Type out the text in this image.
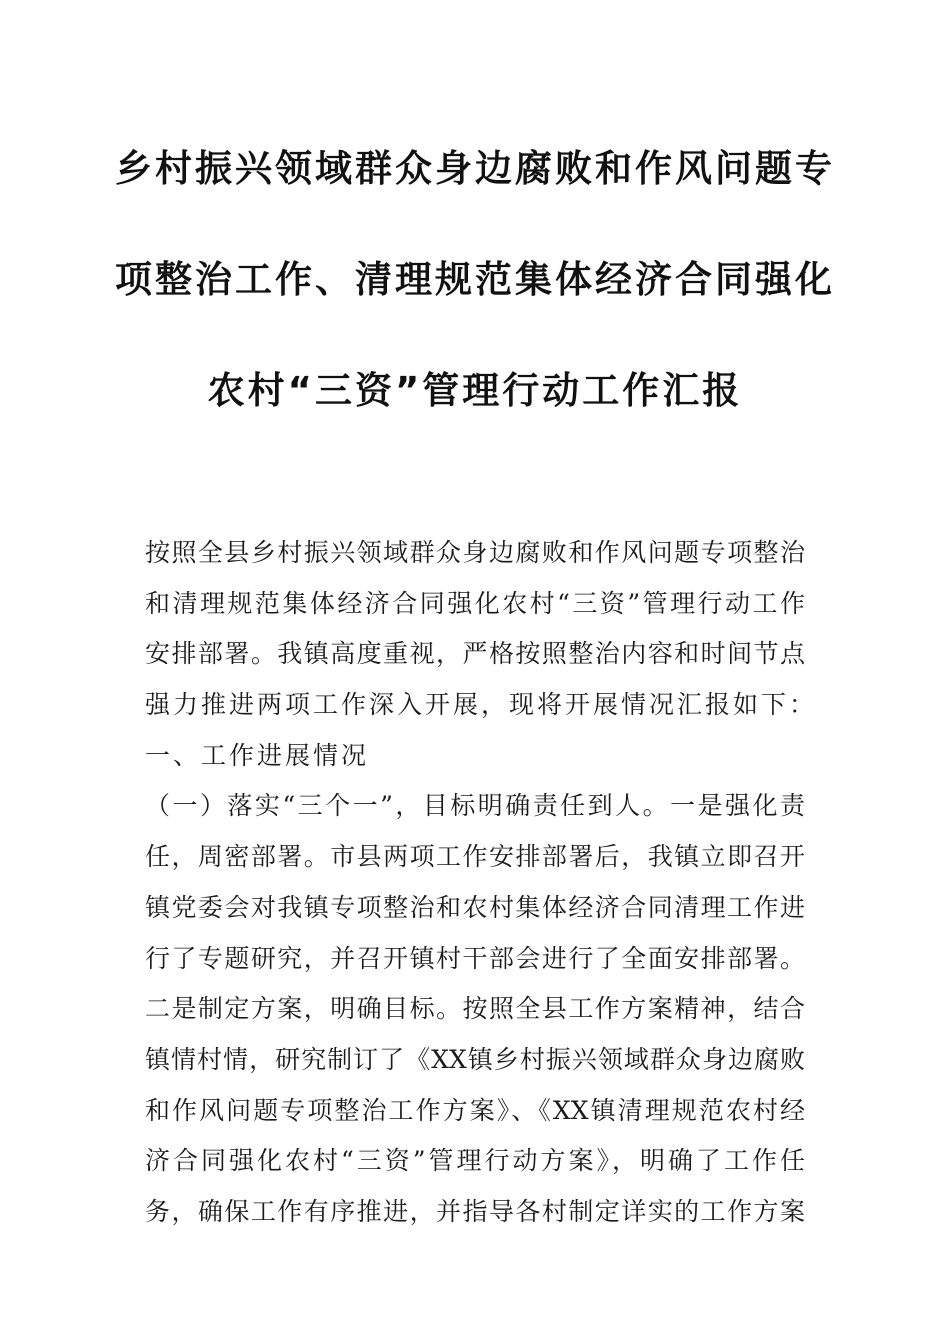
乡村振兴领域群众身边腐败和作风问题专
项整治工作、清理规范集体经济合同强化
农村“三资”管理行动工作汇报
按照全县乡村振兴领域群众身边腐败和作风问题专项整治
和清理规范集体经济合同强化农村“三资”管理行动工作
安排部署。我镇高度重视，严格按照整治内容和时间节点
强力推进两项工作深入开展，现将开展情况汇报如下：
一、工作进展情况
（一）落实“三个一”，目标明确责任到人。一是强化责
任，周密部署。市县两项工作安排部署后，我镇立即召开
镇党委会对我镇专项整治和农村集体经济合同清理工作进
行了专题研究，并召开镇村干部会进行了全面安排部署。
二是制定方案，明确目标。按照全县工作方案精神，结合
镇情村情，研究制订了《XX镇乡村振兴领域群众身边腐败
和作风问题专项整治工作方案》、《XX镇清理规范农村经
济合同强化农村“三资”管理行动方案》，明确了工作任
务，确保工作有序推进，并指导各村制定详实的工作方案
